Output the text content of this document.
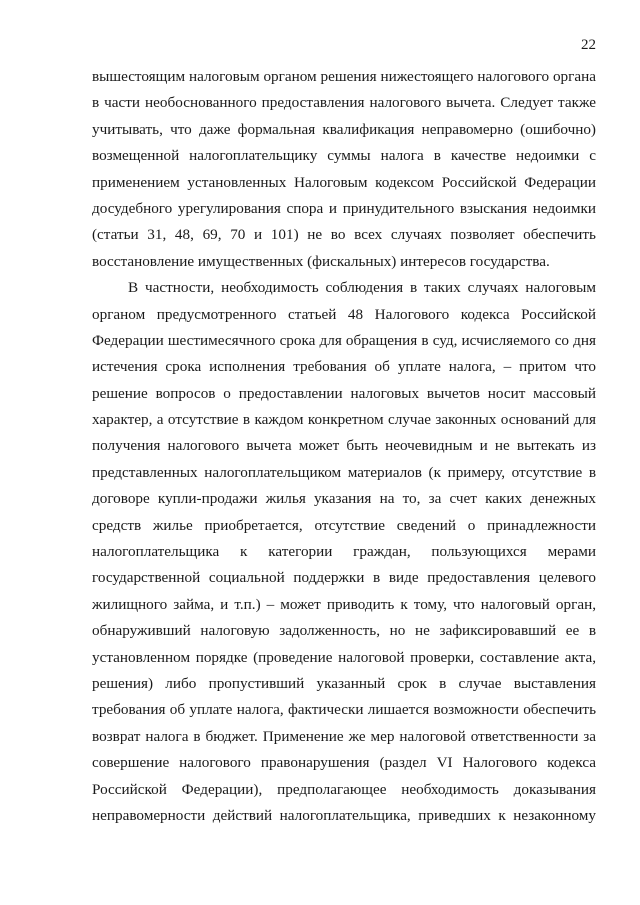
22
вышестоящим налоговым органом решения нижестоящего налогового органа
в части необоснованного предоставления налогового вычета. Следует также
учитывать, что даже формальная квалификация неправомерно (ошибочно)
возмещенной налогоплательщику суммы налога в качестве недоимки с
применением установленных Налоговым кодексом Российской Федерации
досудебного урегулирования спора и принудительного взыскания недоимки
(статьи 31, 48, 69, 70 и 101) не во всех случаях позволяет обеспечить
восстановление имущественных (фискальных) интересов государства.
В частности, необходимость соблюдения в таких случаях налоговым
органом предусмотренного статьей 48 Налогового кодекса Российской
Федерации шестимесячного срока для обращения в суд, исчисляемого со дня
истечения срока исполнения требования об уплате налога, – притом что
решение вопросов о предоставлении налоговых вычетов носит массовый
характер, а отсутствие в каждом конкретном случае законных оснований для
получения налогового вычета может быть неочевидным и не вытекать из
представленных налогоплательщиком материалов (к примеру, отсутствие в
договоре купли-продажи жилья указания на то, за счет каких денежных
средств жилье приобретается, отсутствие сведений о принадлежности
налогоплательщика к категории граждан, пользующихся мерами
государственной социальной поддержки в виде предоставления целевого
жилищного займа, и т.п.) – может приводить к тому, что налоговый орган,
обнаруживший налоговую задолженность, но не зафиксировавший ее в
установленном порядке (проведение налоговой проверки, составление акта,
решения) либо пропустивший указанный срок в случае выставления
требования об уплате налога, фактически лишается возможности обеспечить
возврат налога в бюджет. Применение же мер налоговой ответственности за
совершение налогового правонарушения (раздел VI Налогового кодекса
Российской Федерации), предполагающее необходимость доказывания
неправомерности действий налогоплательщика, приведших к незаконному
